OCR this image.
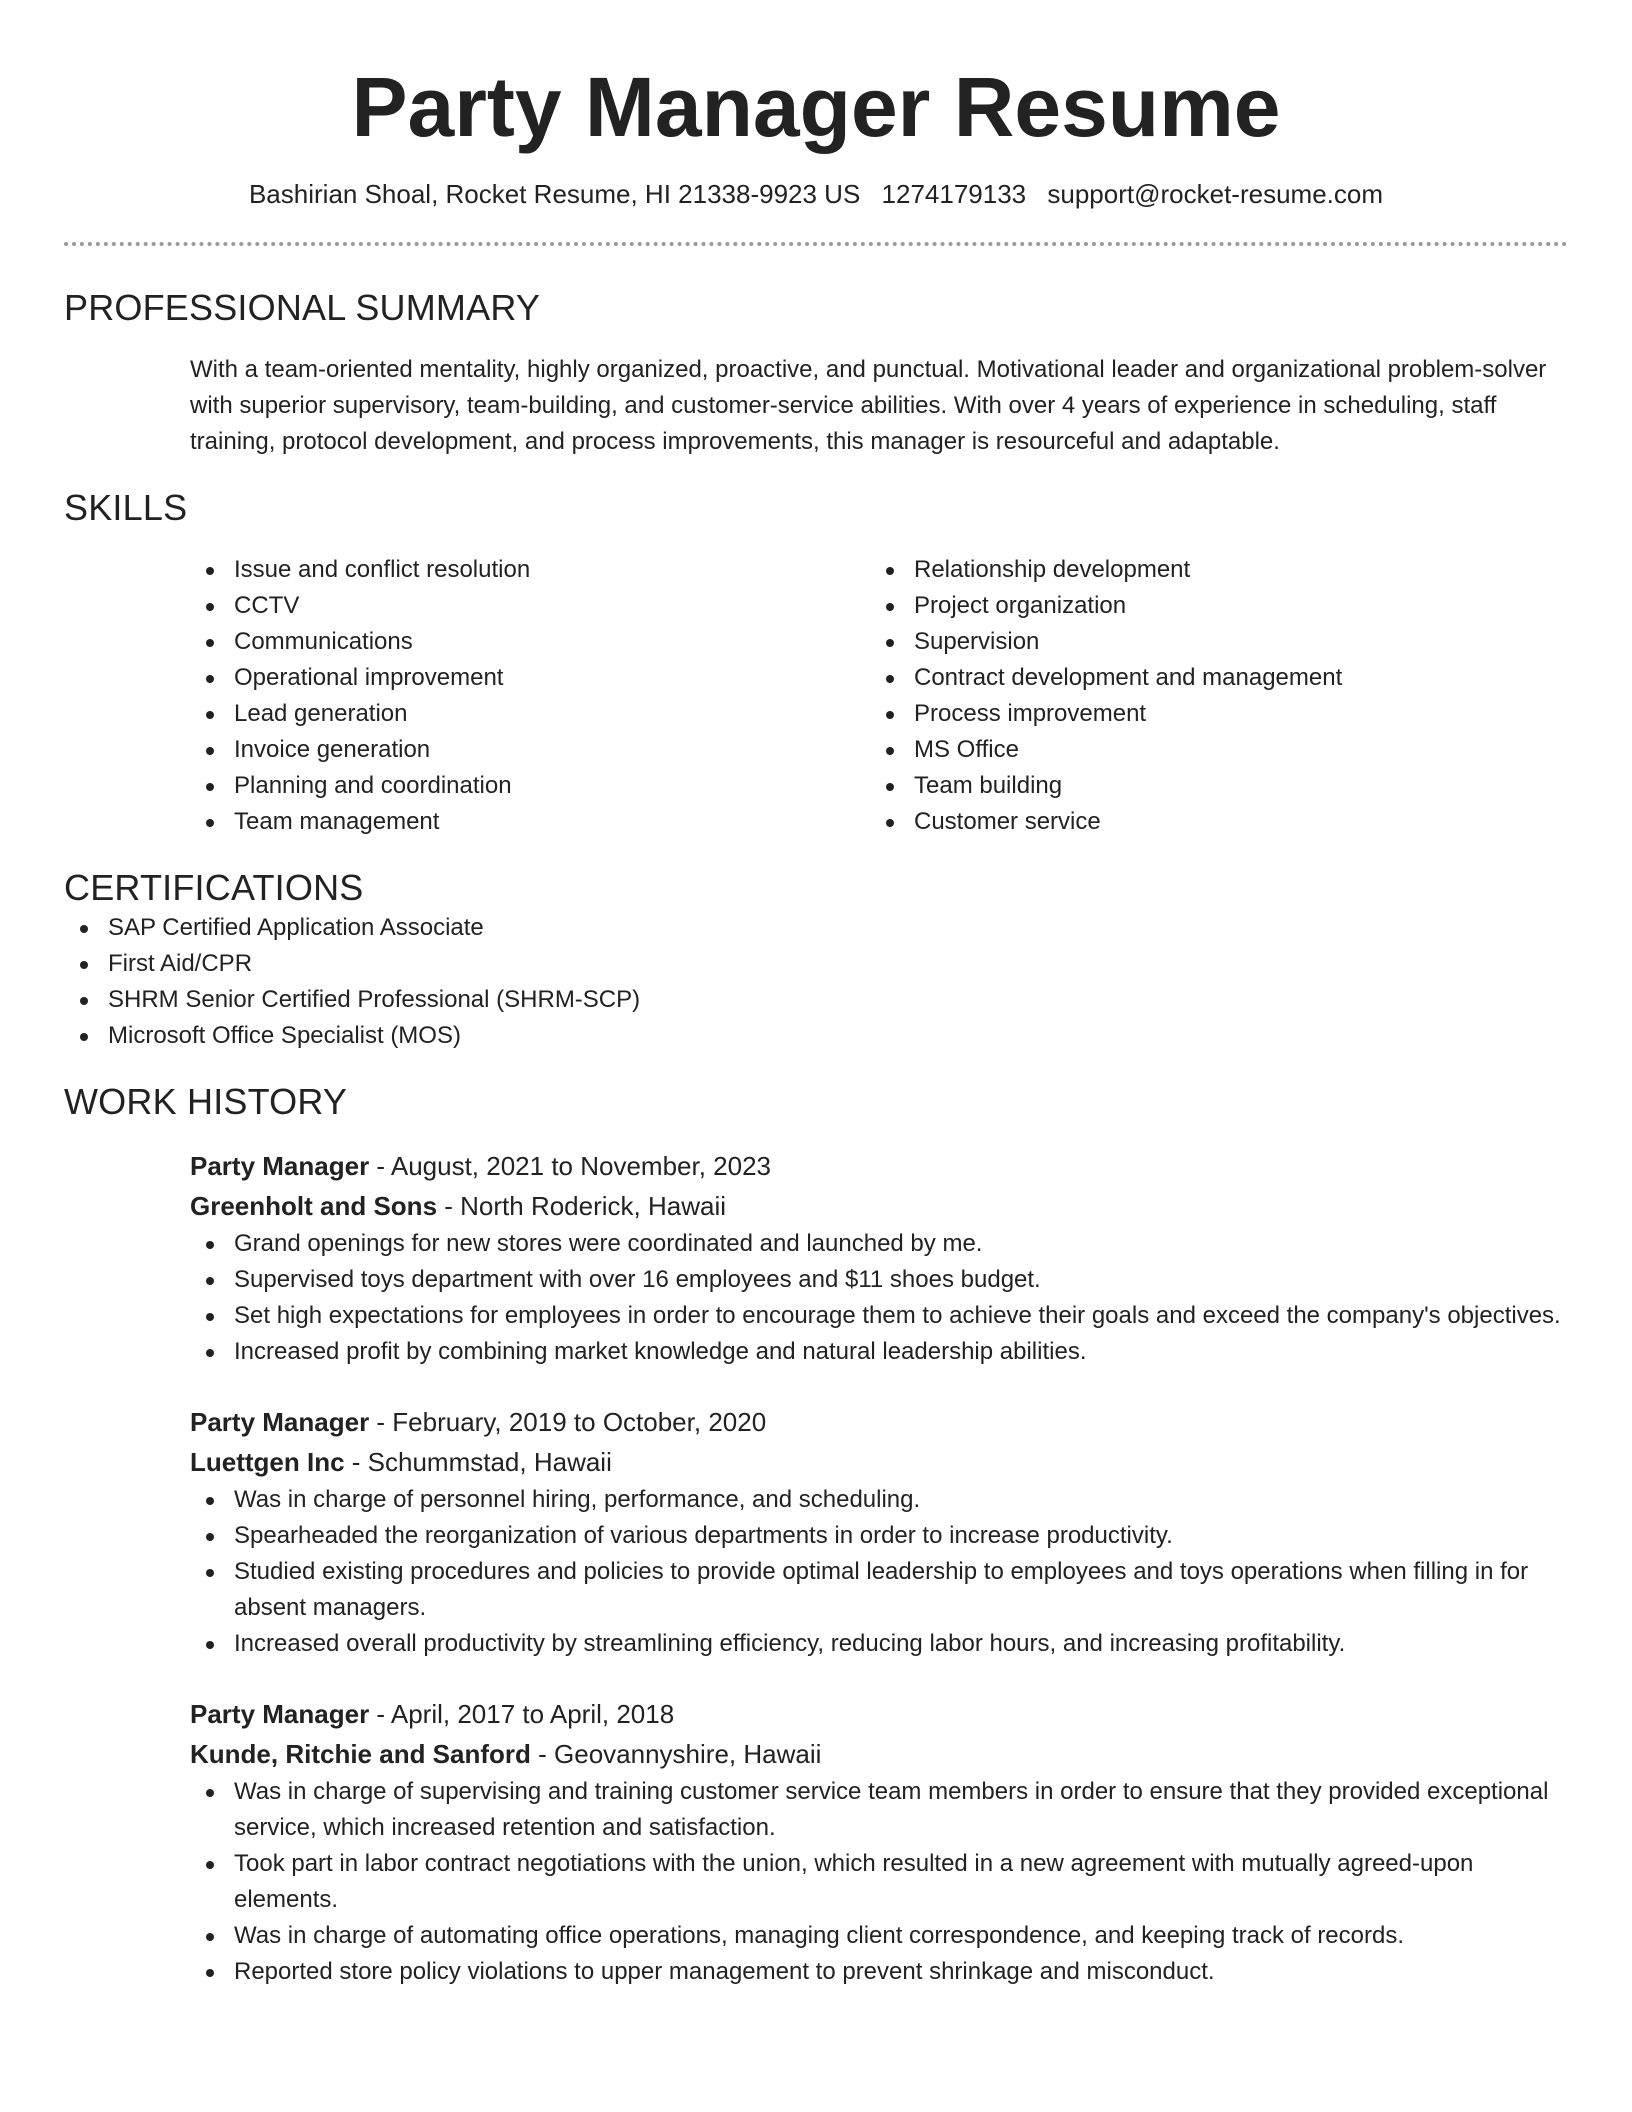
Party Manager Resume
Bashirian Shoal, Rocket Resume, HI 21338-9923 US 1274179133 support@rocket-resume.com
PROFESSIONAL SUMMARY

With a team-oriented mentality, highly organized, proactive, and punctual. Motivational leader and organizational problem-solver with superior supervisory, team-building, and customer-service abilities. With over 4 years of experience in scheduling, staff training, protocol development, and process improvements, this manager is resourceful and adaptable.

SKILLS
Issue and conflict resolution
CCTV
Communications
Operational improvement
Lead generation
Invoice generation
Planning and coordination
Team management
Relationship development
Project organization
Supervision
Contract development and management
Process improvement
MS Office
Team building
Customer service
CERTIFICATIONS
SAP Certified Application Associate
First Aid/CPR
SHRM Senior Certified Professional (SHRM-SCP)
Microsoft Office Specialist (MOS)
WORK HISTORY
Party Manager - August, 2021 to November, 2023
Greenholt and Sons - North Roderick, Hawaii
Grand openings for new stores were coordinated and launched by me.
Supervised toys department with over 16 employees and $11 shoes budget.
Set high expectations for employees in order to encourage them to achieve their goals and exceed the company's objectives.
Increased profit by combining market knowledge and natural leadership abilities.
Party Manager - February, 2019 to October, 2020
Luettgen Inc - Schummstad, Hawaii
Was in charge of personnel hiring, performance, and scheduling.
Spearheaded the reorganization of various departments in order to increase productivity.
Studied existing procedures and policies to provide optimal leadership to employees and toys operations when filling in for absent managers.
Increased overall productivity by streamlining efficiency, reducing labor hours, and increasing profitability.
Party Manager - April, 2017 to April, 2018
Kunde, Ritchie and Sanford - Geovannyshire, Hawaii
Was in charge of supervising and training customer service team members in order to ensure that they provided exceptional service, which increased retention and satisfaction.
Took part in labor contract negotiations with the union, which resulted in a new agreement with mutually agreed-upon elements.
Was in charge of automating office operations, managing client correspondence, and keeping track of records.
Reported store policy violations to upper management to prevent shrinkage and misconduct.
